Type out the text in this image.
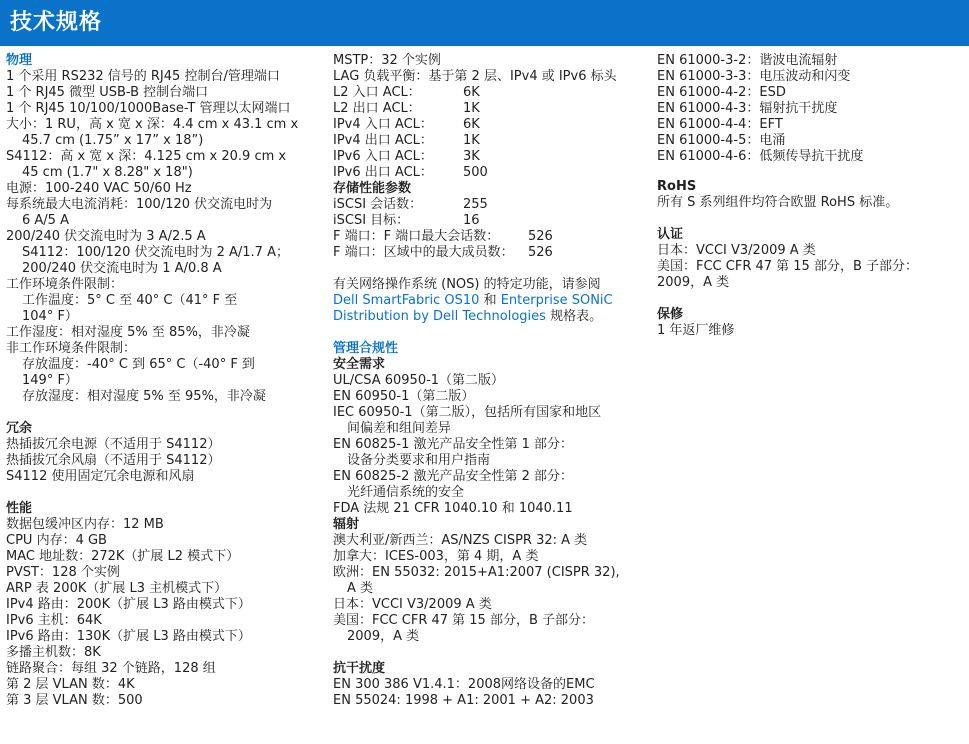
技术规格
物理
1 个采用 RS232 信号的 RJ45 控制台/管理端口
1 个 RJ45 微型 USB-B 控制台端口
1 个 RJ45 10/100/1000Base-T 管理以太网端口
大小：1 RU，高 x 宽 x 深：4.4 cm x 43.1 cm x
45.7 cm (1.75” x 17” x 18”)
S4112：高 x 宽 x 深：4.125 cm x 20.9 cm x
45 cm (1.7" x 8.28" x 18")
电源：100-240 VAC 50/60 Hz
每系统最大电流消耗：100/120 伏交流电时为
6 A/5 A
200/240 伏交流电时为 3 A/2.5 A
S4112：100/120 伏交流电时为 2 A/1.7 A；
200/240 伏交流电时为 1 A/0.8 A
工作环境条件限制：
工作温度：5° C 至 40° C（41° F 至
104° F）
工作湿度：相对湿度 5% 至 85%，非冷凝
非工作环境条件限制：
存放温度：-40° C 到 65° C（-40° F 到
149° F）
存放湿度：相对湿度 5% 至 95%，非冷凝
冗余
热插拔冗余电源（不适用于 S4112）
热插拔冗余风扇（不适用于 S4112）
S4112 使用固定冗余电源和风扇
性能
数据包缓冲区内存：12 MB
CPU 内存：4 GB
MAC 地址数：272K（扩展 L2 模式下）
PVST：128 个实例
ARP 表 200K（扩展 L3 主机模式下）
IPv4 路由：200K（扩展 L3 路由模式下）
IPv6 主机：64K
IPv6 路由：130K（扩展 L3 路由模式下）
多播主机数：8K
链路聚合：每组 32 个链路，128 组
第 2 层 VLAN 数：4K
第 3 层 VLAN 数：500
MSTP：32 个实例
LAG 负载平衡：基于第 2 层、IPv4 或 IPv6 标头
L2 入口 ACL：	6K
L2 出口 ACL：	1K
IPv4 入口 ACL：	6K
IPv4 出口 ACL：	1K
IPv6 入口 ACL：	3K
IPv6 出口 ACL：	500
存储性能参数
iSCSI 会话数：	255
iSCSI 目标：	16
F 端口：F 端口最大会话数：	526
F 端口：区域中的最大成员数：	526
有关网络操作系统 (NOS) 的特定功能，请参阅
Dell SmartFabric OS10 和 Enterprise SONiC
Distribution by Dell Technologies 规格表。
管理合规性
安全需求
UL/CSA 60950-1（第二版）
EN 60950-1（第二版）
IEC 60950-1（第二版），包括所有国家和地区
间偏差和组间差异
EN 60825-1 激光产品安全性第 1 部分：
设备分类要求和用户指南
EN 60825-2 激光产品安全性第 2 部分：
光纤通信系统的安全
FDA 法规 21 CFR 1040.10 和 1040.11
辐射
澳大利亚/新西兰：AS/NZS CISPR 32: A 类
加拿大：ICES-003，第 4 期，A 类
欧洲：EN 55032: 2015+A1:2007 (CISPR 32),
A 类
日本：VCCI V3/2009 A 类
美国：FCC CFR 47 第 15 部分，B 子部分：
2009，A 类
抗干扰度
EN 300 386 V1.4.1：2008网络设备的EMC
EN 55024: 1998 + A1: 2001 + A2: 2003
EN 61000-3-2：谐波电流辐射
EN 61000-3-3：电压波动和闪变
EN 61000-4-2：ESD
EN 61000-4-3：辐射抗干扰度
EN 61000-4-4：EFT
EN 61000-4-5：电涌
EN 61000-4-6：低频传导抗干扰度
RoHS
所有 S 系列组件均符合欧盟 RoHS 标准。
认证
日本：VCCI V3/2009 A 类
美国：FCC CFR 47 第 15 部分，B 子部分：
2009，A 类
保修
1 年返厂维修
